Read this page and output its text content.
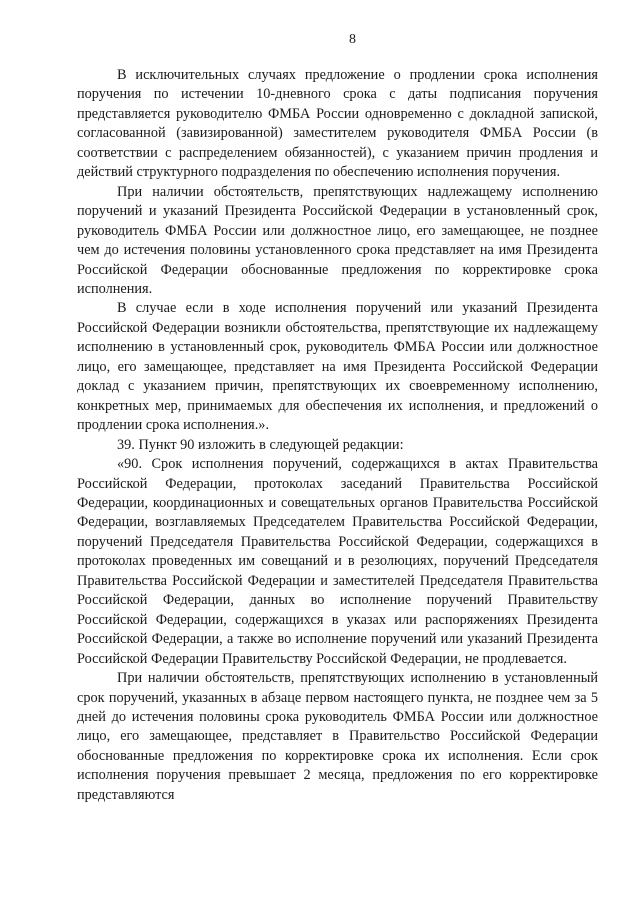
8

В исключительных случаях предложение о продлении срока исполнения поручения по истечении 10-дневного срока с даты подписания поручения представляется руководителю ФМБА России одновременно с докладной запиской, согласованной (завизированной) заместителем руководителя ФМБА России (в соответствии с распределением обязанностей), с указанием причин продления и действий структурного подразделения по обеспечению исполнения поручения.

При наличии обстоятельств, препятствующих надлежащему исполнению поручений и указаний Президента Российской Федерации в установленный срок, руководитель ФМБА России или должностное лицо, его замещающее, не позднее чем до истечения половины установленного срока представляет на имя Президента Российской Федерации обоснованные предложения по корректировке срока исполнения.

В случае если в ходе исполнения поручений или указаний Президента Российской Федерации возникли обстоятельства, препятствующие их надлежащему исполнению в установленный срок, руководитель ФМБА России или должностное лицо, его замещающее, представляет на имя Президента Российской Федерации доклад с указанием причин, препятствующих их своевременному исполнению, конкретных мер, принимаемых для обеспечения их исполнения, и предложений о продлении срока исполнения.».

39. Пункт 90 изложить в следующей редакции:

«90. Срок исполнения поручений, содержащихся в актах Правительства Российской Федерации, протоколах заседаний Правительства Российской Федерации, координационных и совещательных органов Правительства Российской Федерации, возглавляемых Председателем Правительства Российской Федерации, поручений Председателя Правительства Российской Федерации, содержащихся в протоколах проведенных им совещаний и в резолюциях, поручений Председателя Правительства Российской Федерации и заместителей Председателя Правительства Российской Федерации, данных во исполнение поручений Правительству Российской Федерации, содержащихся в указах или распоряжениях Президента Российской Федерации, а также во исполнение поручений или указаний Президента Российской Федерации Правительству Российской Федерации, не продлевается.

При наличии обстоятельств, препятствующих исполнению в установленный срок поручений, указанных в абзаце первом настоящего пункта, не позднее чем за 5 дней до истечения половины срока руководитель ФМБА России или должностное лицо, его замещающее, представляет в Правительство Российской Федерации обоснованные предложения по корректировке срока их исполнения. Если срок исполнения поручения превышает 2 месяца, предложения по его корректировке представляются
